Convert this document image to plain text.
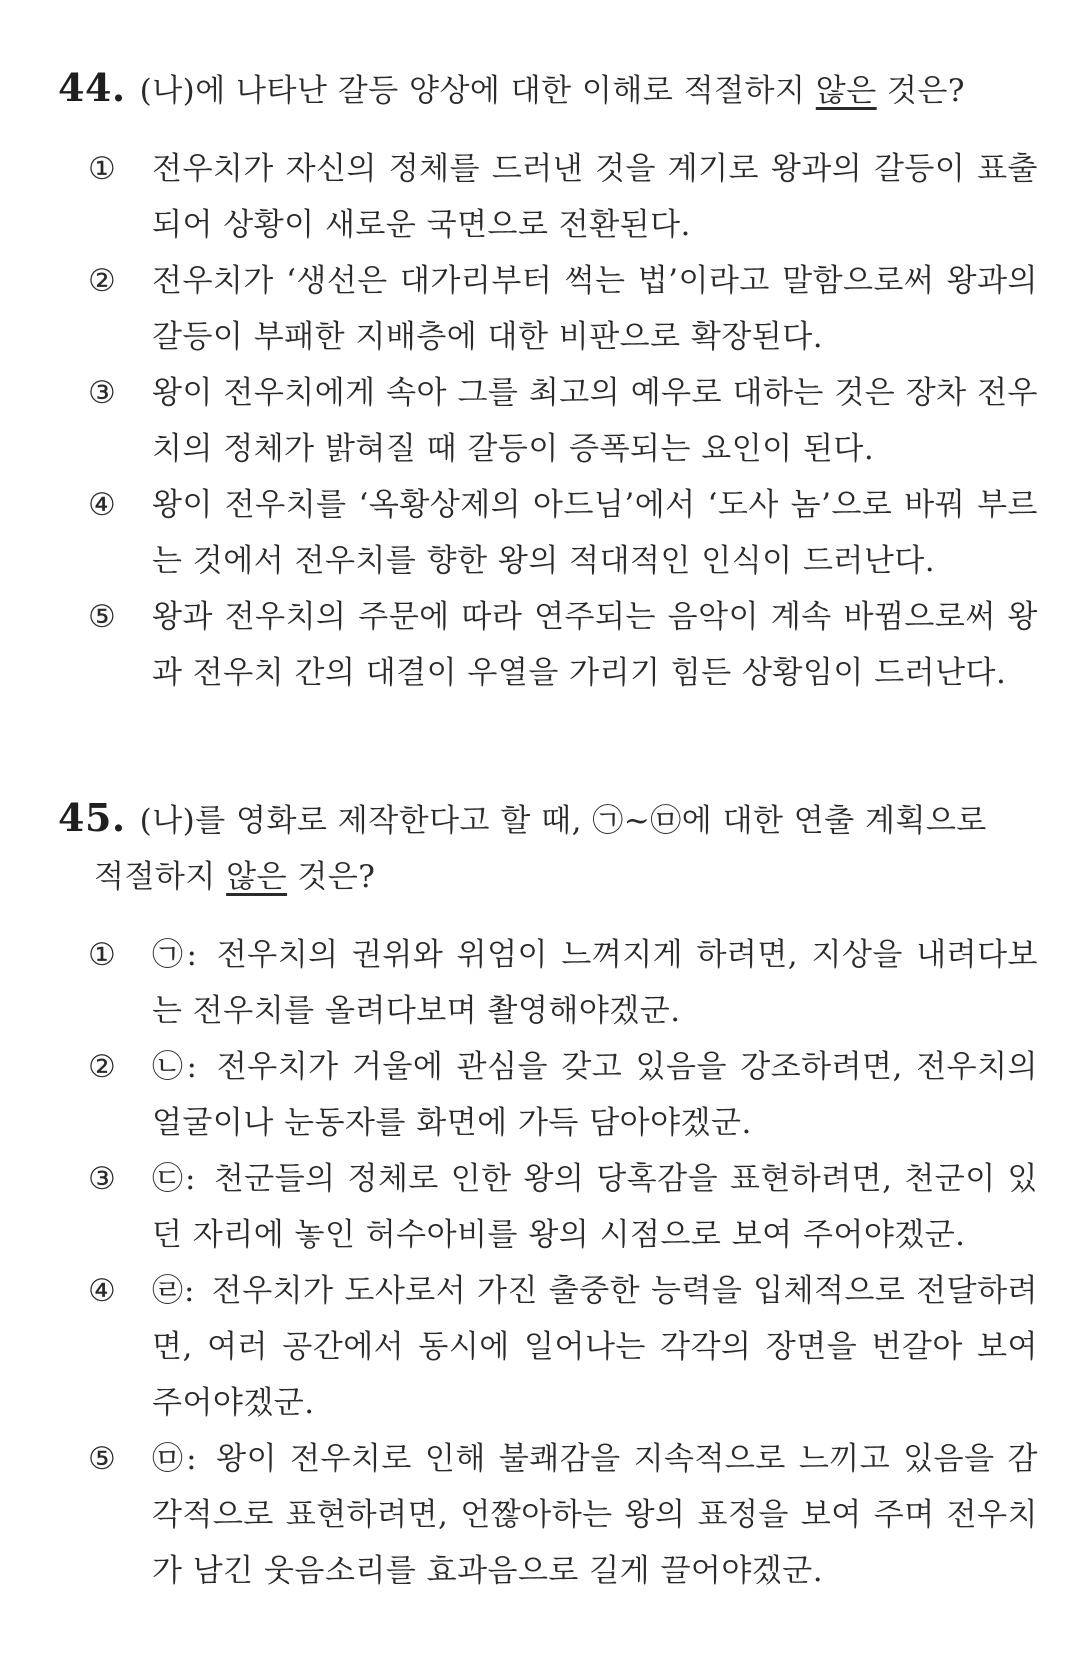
44. (나)에 나타난 갈등 양상에 대한 이해로 적절하지 않은 것은?
①	전우치가 자신의 정체를 드러낸 것을 계기로 왕과의 갈등이 표출되어 상황이 새로운 국면으로 전환된다.
②	전우치가 ‘생선은 대가리부터 썩는 법’이라고 말함으로써 왕과의 갈등이 부패한 지배층에 대한 비판으로 확장된다.
③	왕이 전우치에게 속아 그를 최고의 예우로 대하는 것은 장차 전우치의 정체가 밝혀질 때 갈등이 증폭되는 요인이 된다.
④	왕이 전우치를 ‘옥황상제의 아드님’에서 ‘도사 놈’으로 바꿔 부르는 것에서 전우치를 향한 왕의 적대적인 인식이 드러난다.
⑤	왕과 전우치의 주문에 따라 연주되는 음악이 계속 바뀜으로써 왕과 전우치 간의 대결이 우열을 가리기 힘든 상황임이 드러난다.
45. (나)를 영화로 제작한다고 할 때, ㉠~㉤에 대한 연출 계획으로
적절하지 않은 것은?
①	㉠: 전우치의 권위와 위엄이 느껴지게 하려면, 지상을 내려다보는 전우치를 올려다보며 촬영해야겠군.
②	㉡: 전우치가 거울에 관심을 갖고 있음을 강조하려면, 전우치의 얼굴이나 눈동자를 화면에 가득 담아야겠군.
③	㉢: 천군들의 정체로 인한 왕의 당혹감을 표현하려면, 천군이 있던 자리에 놓인 허수아비를 왕의 시점으로 보여 주어야겠군.
④	㉣: 전우치가 도사로서 가진 출중한 능력을 입체적으로 전달하려면, 여러 공간에서 동시에 일어나는 각각의 장면을 번갈아 보여 주어야겠군.
⑤	㉤: 왕이 전우치로 인해 불쾌감을 지속적으로 느끼고 있음을 감각적으로 표현하려면, 언짢아하는 왕의 표정을 보여 주며 전우치가 남긴 웃음소리를 효과음으로 길게 끌어야겠군.
